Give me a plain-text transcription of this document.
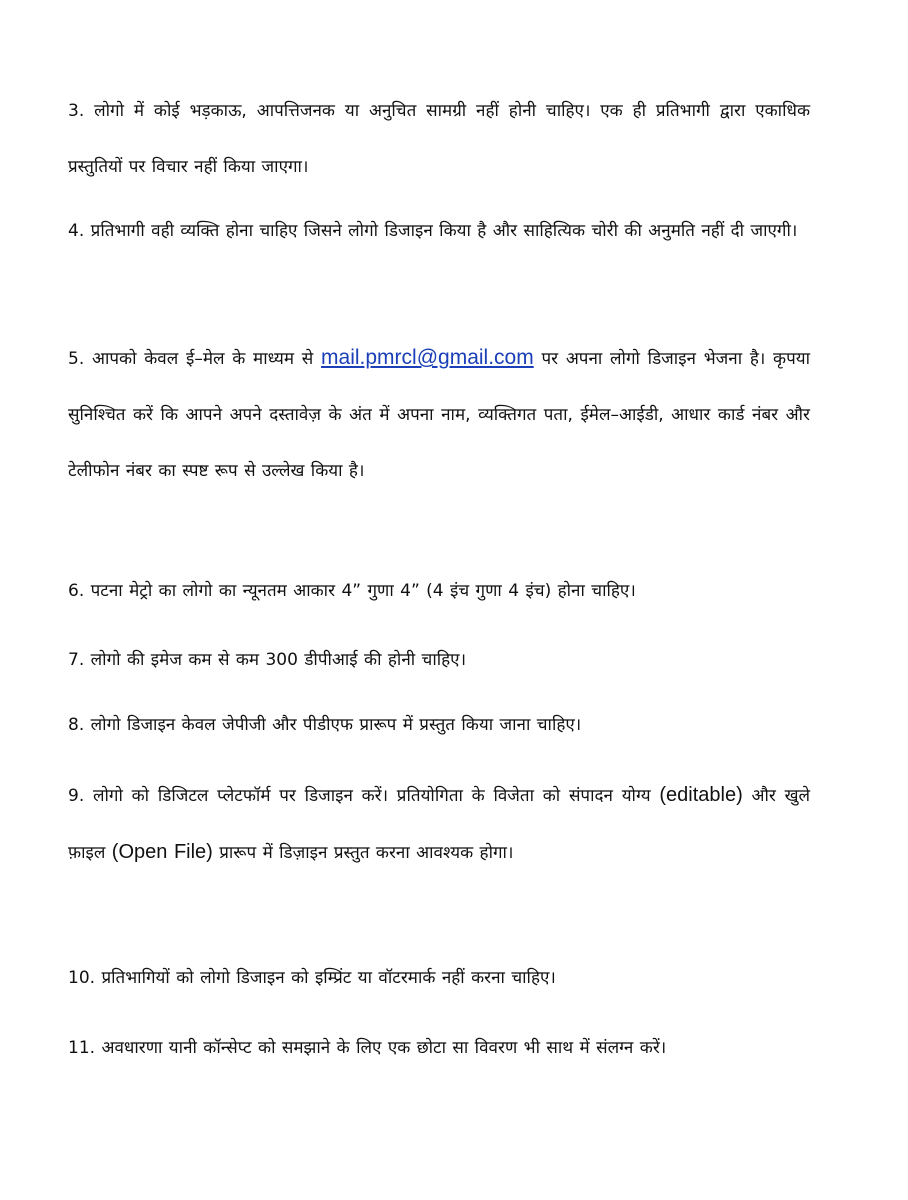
3. लोगो में कोई भड़काऊ, आपत्तिजनक या अनुचित सामग्री नहीं होनी चाहिए। एक ही प्रतिभागी द्वारा एकाधिक प्रस्तुतियों पर विचार नहीं किया जाएगा।

4. प्रतिभागी वही व्यक्ति होना चाहिए जिसने लोगो डिजाइन किया है और साहित्यिक चोरी की अनुमति नहीं दी जाएगी।

5. आपको केवल ई–मेल के माध्यम से mail.pmrcl@gmail.com पर अपना लोगो डिजाइन भेजना है। कृपया सुनिश्चित करें कि आपने अपने दस्तावेज़ के अंत में अपना नाम, व्यक्तिगत पता, ईमेल–आईडी, आधार कार्ड नंबर और टेलीफोन नंबर का स्पष्ट रूप से उल्लेख किया है।

6. पटना मेट्रो का लोगो का न्यूनतम आकार 4” गुणा 4” (4 इंच गुणा 4 इंच) होना चाहिए।

7. लोगो की इमेज कम से कम 300 डीपीआई की होनी चाहिए।

8. लोगो डिजाइन केवल जेपीजी और पीडीएफ प्रारूप में प्रस्तुत किया जाना चाहिए।

9. लोगो को डिजिटल प्लेटफॉर्म पर डिजाइन करें। प्रतियोगिता के विजेता को संपादन योग्य (editable) और खुले फ़ाइल (Open File) प्रारूप में डिज़ाइन प्रस्तुत करना आवश्यक होगा।

10. प्रतिभागियों को लोगो डिजाइन को इम्प्रिंट या वॉटरमार्क नहीं करना चाहिए।

11. अवधारणा यानी कॉन्सेप्ट को समझाने के लिए एक छोटा सा विवरण भी साथ में संलग्न करें।
